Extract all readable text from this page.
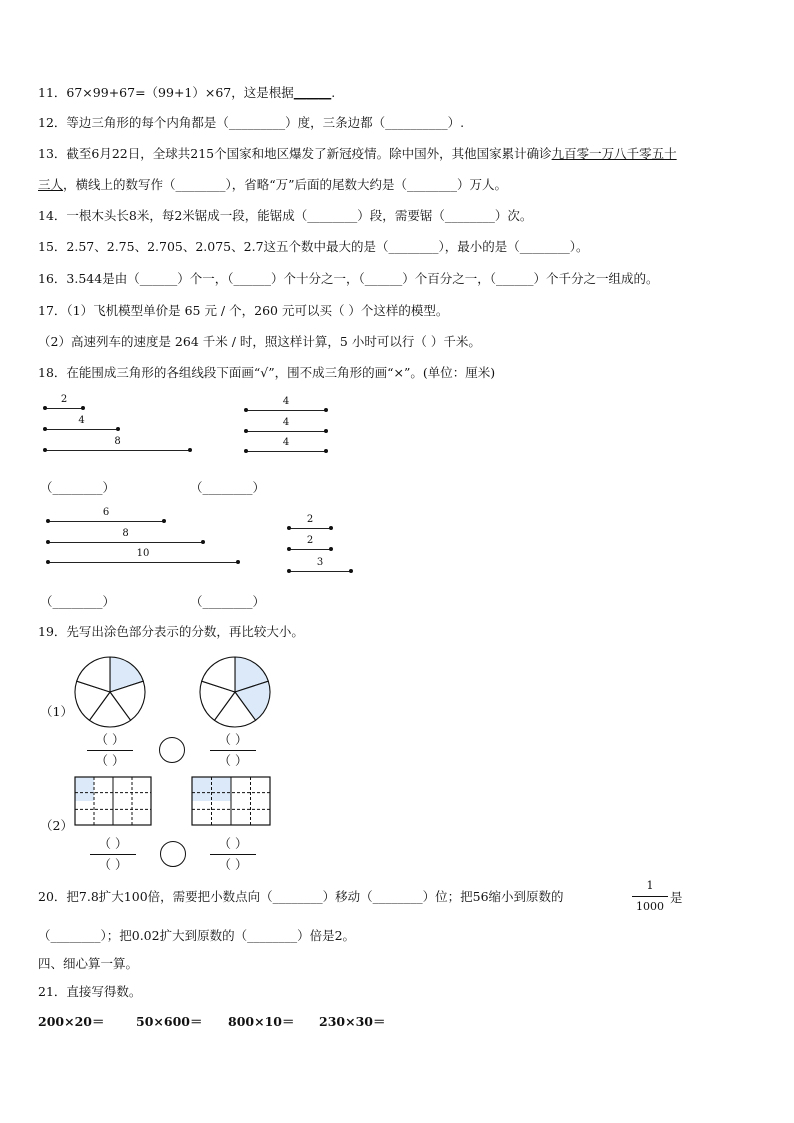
11．67×99+67=（99+1）×67，这是根据______.
12．等边三角形的每个内角都是（_________）度，三条边都（__________）.
13．截至6月22日，全球共215个国家和地区爆发了新冠疫情。除中国外，其他国家累计确诊九百零一万八千零五十
三人，横线上的数写作（________），省略“万”后面的尾数大约是（________）万人。
14．一根木头长8米，每2米锯成一段，能锯成（________）段，需要锯（________）次。
15．2.57、2.75、2.705、2.075、2.7这五个数中最大的是（________），最小的是（________）。
16．3.544是由（______）个一，（______）个十分之一，（______）个百分之一，（______）个千分之一组成的。
17．（1）飞机模型单价是 65 元 / 个，260 元可以买（ ）个这样的模型。
（2）高速列车的速度是 264 千米 / 时，照这样计算，5 小时可以行（ ）千米。
18．在能围成三角形的各组线段下面画“√”，围不成三角形的画“×”。(单位：厘米)
2
4
8
4
4
4
（________）	（________）
6
8
10
2
2
3
（________）	（________）
19．先写出涂色部分表示的分数，再比较大小。
（1）
（ ）
（ ）
（ ）
（ ）
（2）
（ ）
（ ）
（ ）
（ ）
20．把7.8扩大100倍，需要把小数点向（________）移动（________）位；把56缩小到原数的
1
1000
是
（________）；把0.02扩大到原数的（________）倍是2。
四、细心算一算。
21．直接写得数。
200×20＝	50×600＝ 800×10＝ 230×30＝
